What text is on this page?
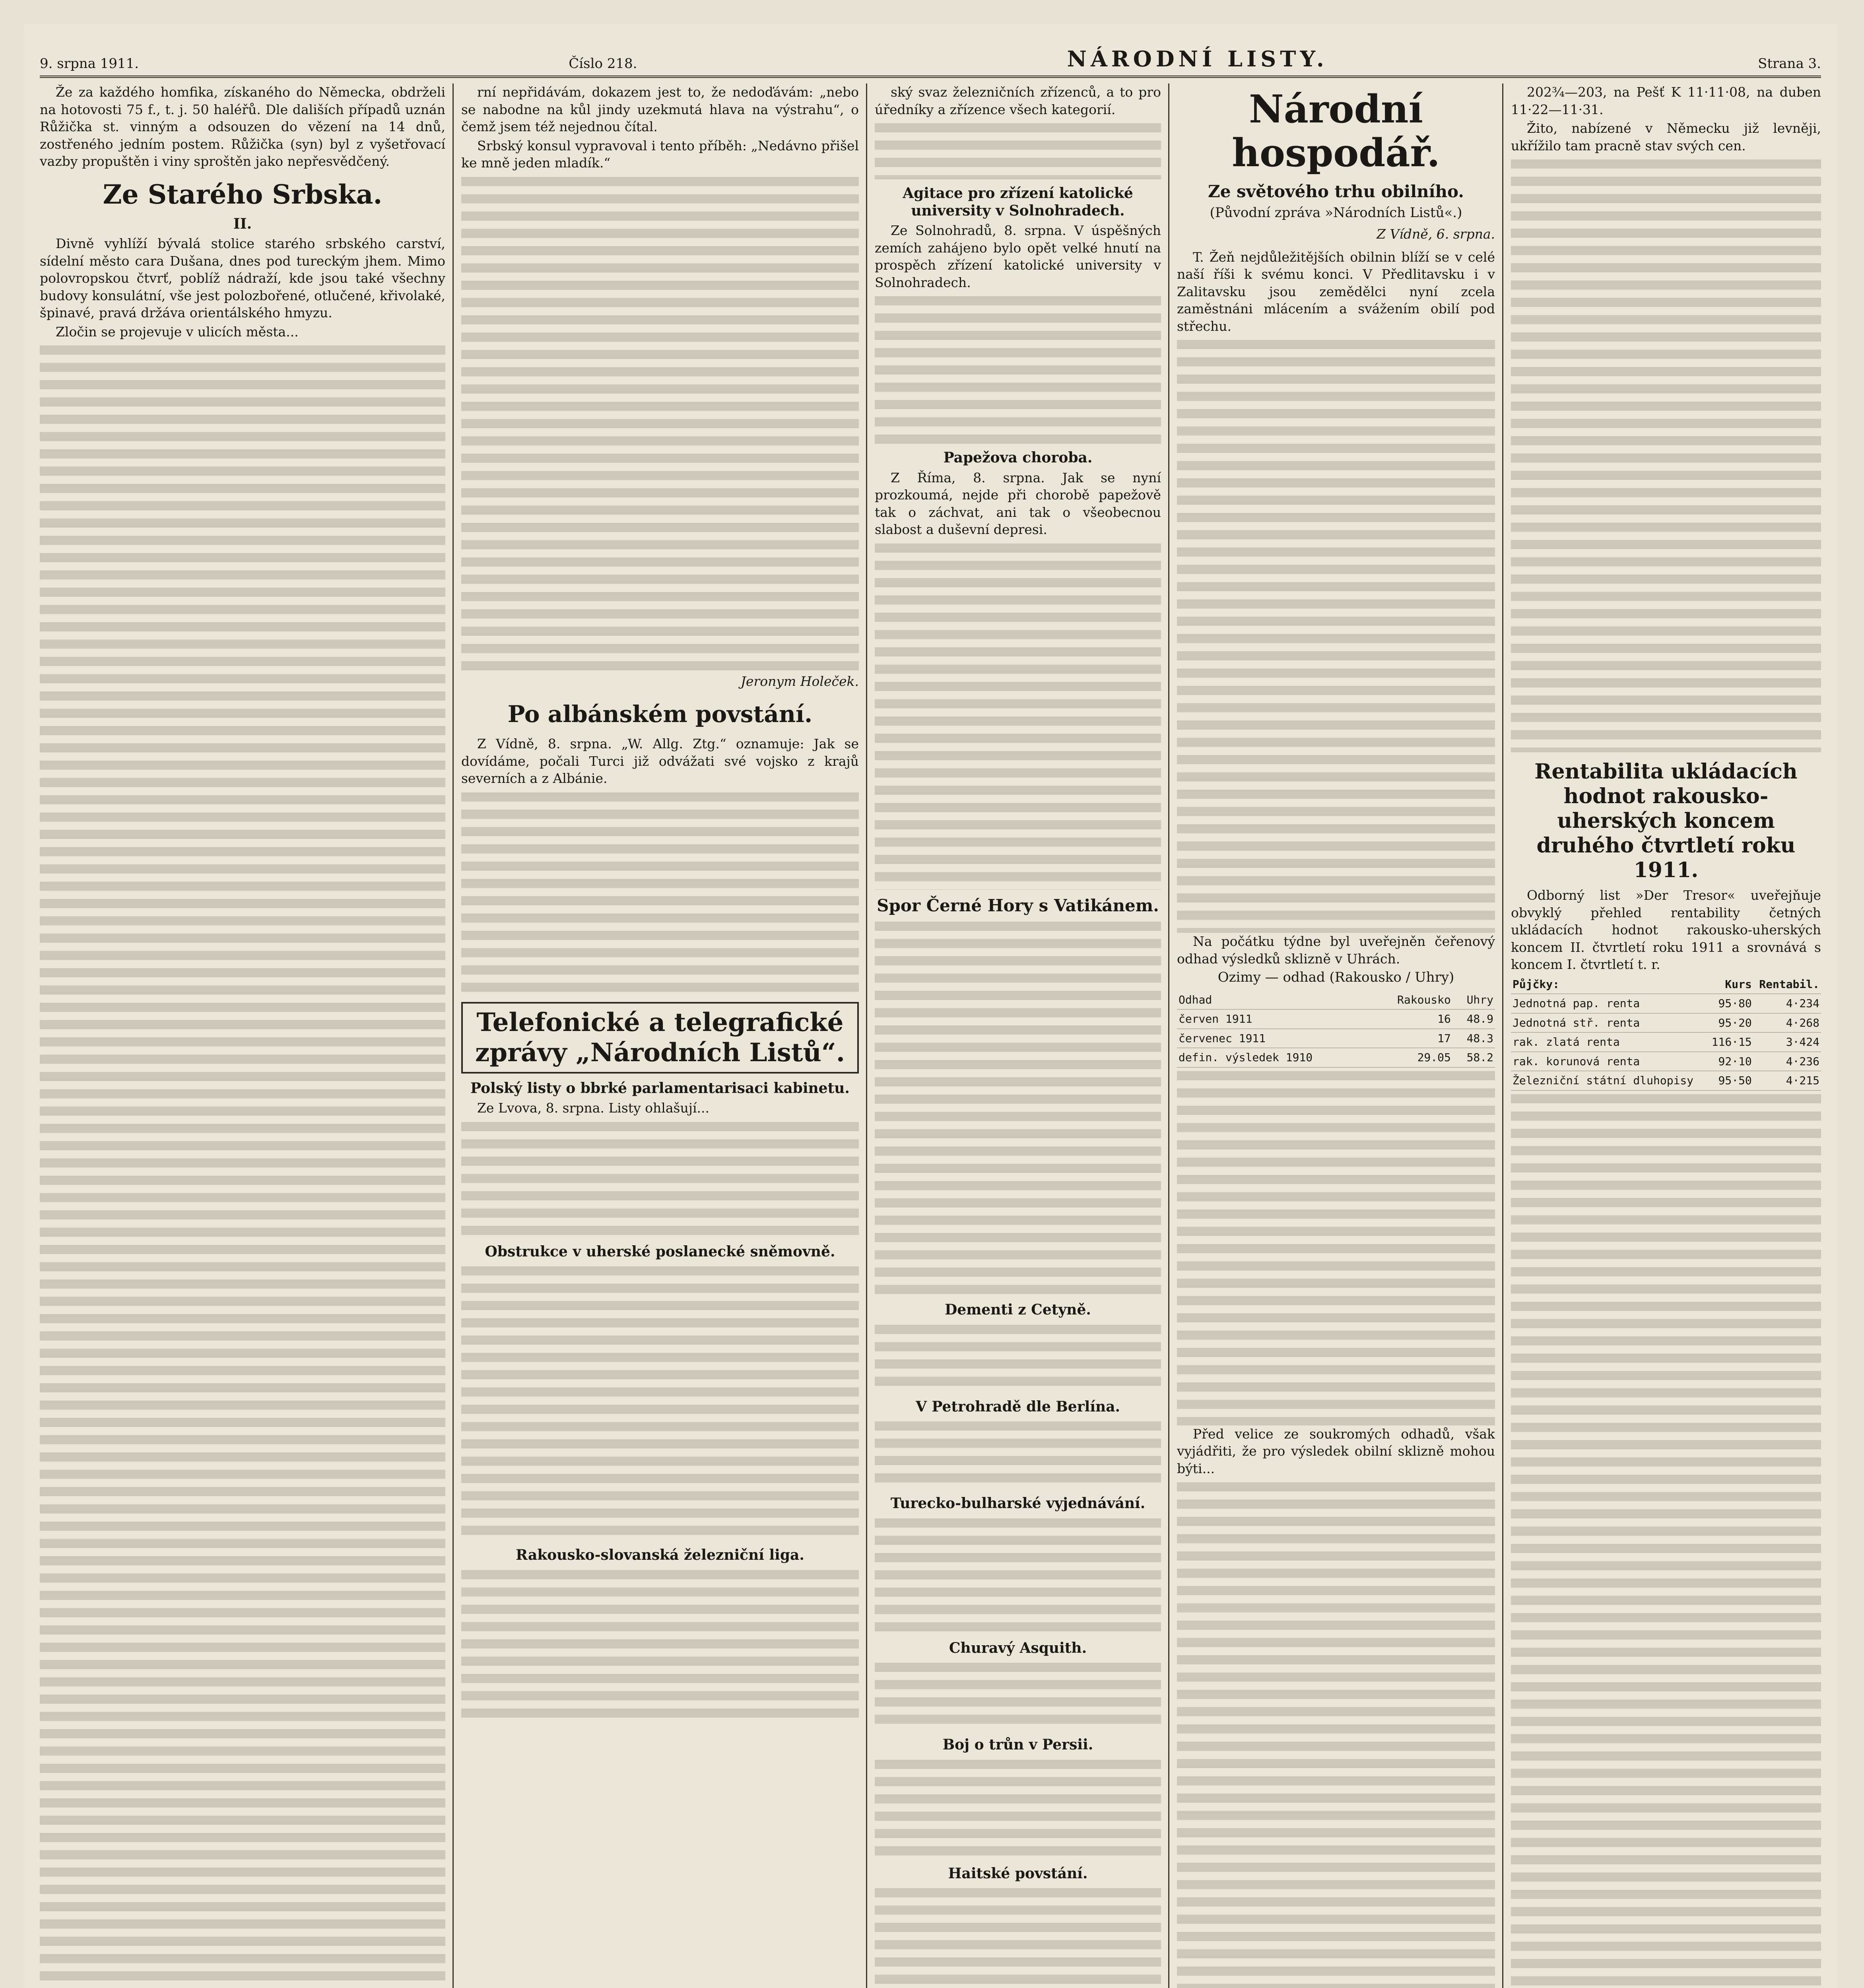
9. srpna 1911.	Číslo 218.	NÁRODNÍ LISTY.	Strana 3.

Že za každého homfika, získaného do Německa, obdrželi na hotovosti 75 f., t. j. 50 haléřů. Dle dališích případů uznán Růžička st. vinným a odsouzen do vězení na 14 dnů, zostřeného jedním postem. Růžička (syn) byl z vyšetřovací vazby propuštěn i viny sproštěn jako nepřesvědčený.

Ze Starého Srbska.
II.

Divně vyhlíží bývalá stolice starého srbského carství, sídelní město cara Dušana, dnes pod tureckým jhem. Mimo polovropskou čtvrť, poblíž nádraží, kde jsou také všechny budovy konsulátní, vše jest polozbořené, otlučené, křivolaké, špinavé, pravá držáva orientálského hmyzu.

Zločin se projevuje v ulicích města...

rní nepřidávám, dokazem jest to, že nedoďávám: „nebo se nabodne na kůl jindy uzekmutá hlava na výstrahu“, o čemž jsem též nejednou čítal.

Srbský konsul vypravoval i tento příběh: „Nedávno přišel ke mně jeden mladík.“

Jeronym Holeček.
Po albánském povstání.

Z Vídně, 8. srpna. „W. Allg. Ztg.“ oznamuje: Jak se dovídáme, počali Turci již odvážati své vojsko z krajů severních a z Albánie.

Telefonické a telegrafické zprávy „Národních Listů“.
Polský listy o bbrké parlamentarisaci kabinetu.

Ze Lvova, 8. srpna. Listy ohlašují...

Obstrukce v uherské poslanecké sněmovně.
Rakousko-slovanská železniční liga.

ský svaz železničních zřízenců, a to pro úředníky a zřízence všech kategorií.

Agitace pro zřízení katolické university v Solnohradech.

Ze Solnohradů, 8. srpna. V úspěšných zemích zahájeno bylo opět velké hnutí na prospěch zřízení katolické university v Solnohradech.

Papežova choroba.

Z Říma, 8. srpna. Jak se nyní prozkoumá, nejde při chorobě papežově tak o záchvat, ani tak o všeobecnou slabost a duševní depresi.

Spor Černé Hory s Vatikánem.
Dementi z Cetyně.
V Petrohradě dle Berlína.
Turecko-bulharské vyjednávání.
Churavý Asquith.
Boj o trůn v Persii.
Haitské povstání.
Národní hospodář.
Ze světového trhu obilního.
(Původní zpráva »Národních Listů«.)
Z Vídně, 6. srpna.

T. Žeň nejdůležitějších obilnin blíží se v celé naší říši k svému konci. V Předlitavsku i v Zalitavsku jsou zemědělci nyní zcela zaměstnáni mlácením a svážením obilí pod střechu.

Na počátku týdne byl uveřejněn čeřenový odhad výsledků sklizně v Uhrách.

Ozimy — odhad (Rakousko / Uhry)
Odhad	Rakousko	Uhry
červen 1911	16	48.9
červenec 1911	17	48.3
defin. výsledek 1910	29.05	58.2

Před velice ze soukromých odhadů, však vyjádřiti, že pro výsledek obilní sklizně mohou býti...

202¾—203, na Pešť K 11·11·08, na duben 11·22—11·31.

Žito, nabízené v Německu již levněji, ukřížilo tam pracně stav svých cen.

Rentabilita ukládacích hodnot rakousko-uherských koncem druhého čtvrtletí roku 1911.

Odborný list »Der Tresor« uveřejňuje obvyklý přehled rentability četných ukládacích hodnot rakousko-uherských koncem II. čtvrtletí roku 1911 a srovnává s koncem I. čtvrtletí t. r.

Půjčky:	Kurs	Rentabil.
Jednotná pap. renta	95·80	4·234
Jednotná stř. renta	95·20	4·268
rak. zlatá renta	116·15	3·424
rak. korunová renta	92·10	4·236
Železniční státní dluhopisy	95·50	4·215
